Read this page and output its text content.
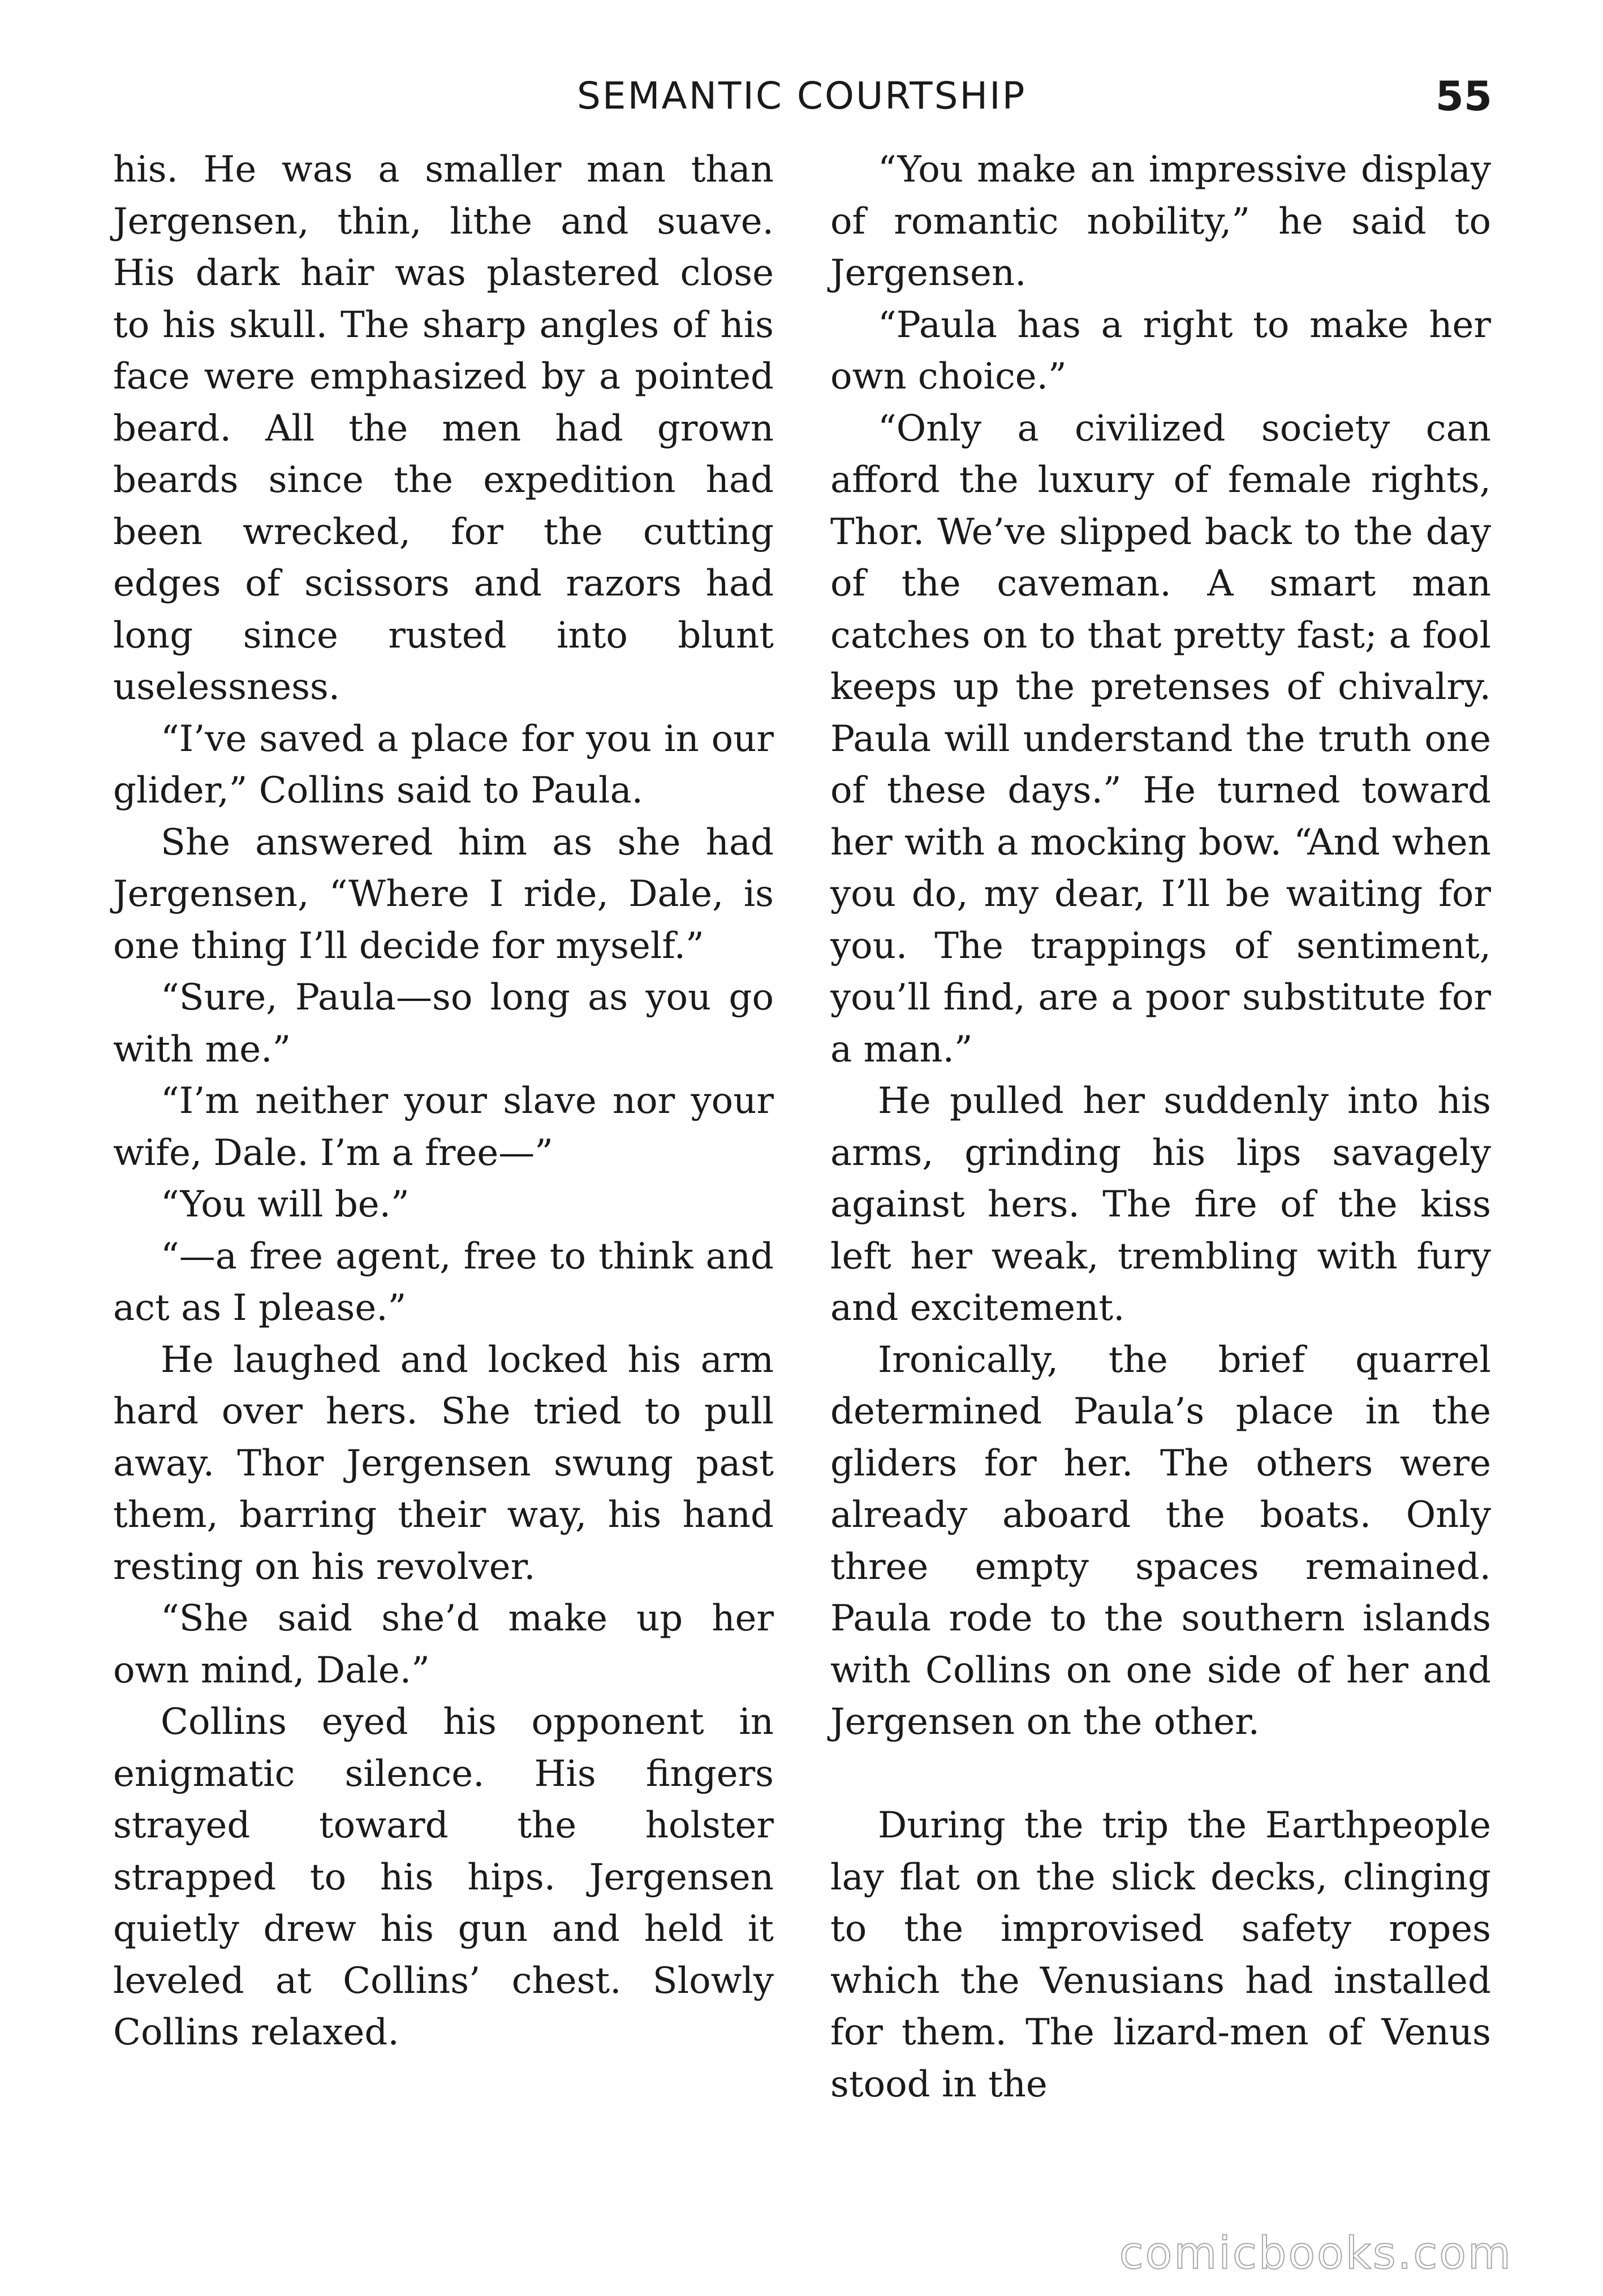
SEMANTIC COURTSHIP	55

his. He was a smaller man than Jergensen, thin, lithe and suave. His dark hair was plastered close to his skull. The sharp angles of his face were emphasized by a pointed beard. All the men had grown beards since the expedition had been wrecked, for the cutting edges of scissors and razors had long since rusted into blunt uselessness.

“I’ve saved a place for you in our glider,” Collins said to Paula.

She answered him as she had Jergensen, “Where I ride, Dale, is one thing I’ll decide for myself.”

“Sure, Paula—so long as you go with me.”

“I’m neither your slave nor your wife, Dale. I’m a free—”

“You will be.”

“—a free agent, free to think and act as I please.”

He laughed and locked his arm hard over hers. She tried to pull away. Thor Jergensen swung past them, barring their way, his hand resting on his revolver.

“She said she’d make up her own mind, Dale.”

Collins eyed his opponent in enigmatic silence. His fingers strayed toward the holster strapped to his hips. Jergensen quietly drew his gun and held it leveled at Collins’ chest. Slowly Collins relaxed.

“You make an impressive display of romantic nobility,” he said to Jergensen.

“Paula has a right to make her own choice.”

“Only a civilized society can afford the luxury of female rights, Thor. We’ve slipped back to the day of the caveman. A smart man catches on to that pretty fast; a fool keeps up the pretenses of chivalry. Paula will understand the truth one of these days.” He turned toward her with a mocking bow. “And when you do, my dear, I’ll be waiting for you. The trappings of sentiment, you’ll find, are a poor substitute for a man.”

He pulled her suddenly into his arms, grinding his lips savagely against hers. The fire of the kiss left her weak, trembling with fury and excitement.

Ironically, the brief quarrel determined Paula’s place in the gliders for her. The others were already aboard the boats. Only three empty spaces remained. Paula rode to the southern islands with Collins on one side of her and Jergensen on the other.

During the trip the Earthpeople lay flat on the slick decks, clinging to the improvised safety ropes which the Venusians had installed for them. The lizard-men of Venus stood in the

comicbooks.com
